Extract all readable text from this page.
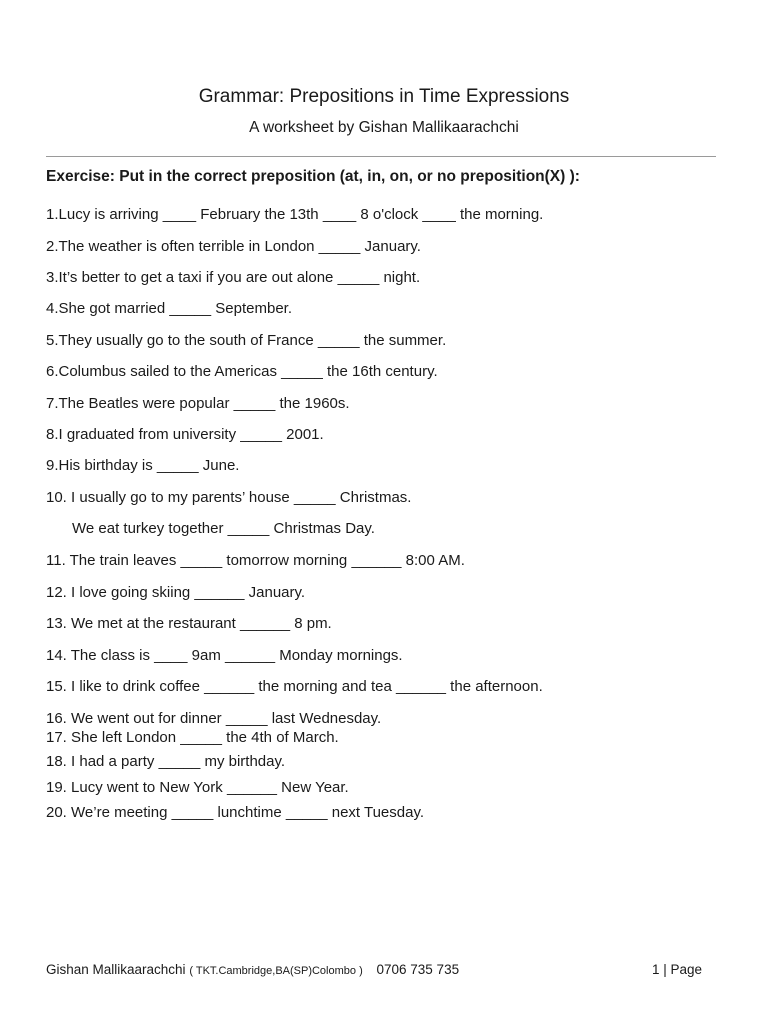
Grammar: Prepositions in Time Expressions
A worksheet by Gishan Mallikaarachchi
Exercise: Put in the correct preposition (at, in, on, or no preposition(X) ):
1.Lucy is arriving ____ February the 13th ____ 8 o'clock ____ the morning.
2.The weather is often terrible in London _____ January.
3.It’s better to get a taxi if you are out alone _____ night.
4.She got married _____ September.
5.They usually go to the south of France _____ the summer.
6.Columbus sailed to the Americas _____ the 16th century.
7.The Beatles were popular _____ the 1960s.
8.I graduated from university _____ 2001.
9.His birthday is _____ June.
10. I usually go to my parents’ house _____ Christmas.
We eat turkey together _____ Christmas Day.
11. The train leaves _____ tomorrow morning ______ 8:00 AM.
12. I love going skiing ______ January.
13. We met at the restaurant ______ 8 pm.
14. The class is ____ 9am ______ Monday mornings.
15. I like to drink coffee ______ the morning and tea ______ the afternoon.
16. We went out for dinner _____ last Wednesday.
17. She left London _____ the 4th of March.
18. I had a party _____ my birthday.
19. Lucy went to New York ______ New Year.
20. We’re meeting _____ lunchtime _____ next Tuesday.
Gishan Mallikaarachchi ( TKT.Cambridge,BA(SP)Colombo ) 0706 735 735	1 | Page
